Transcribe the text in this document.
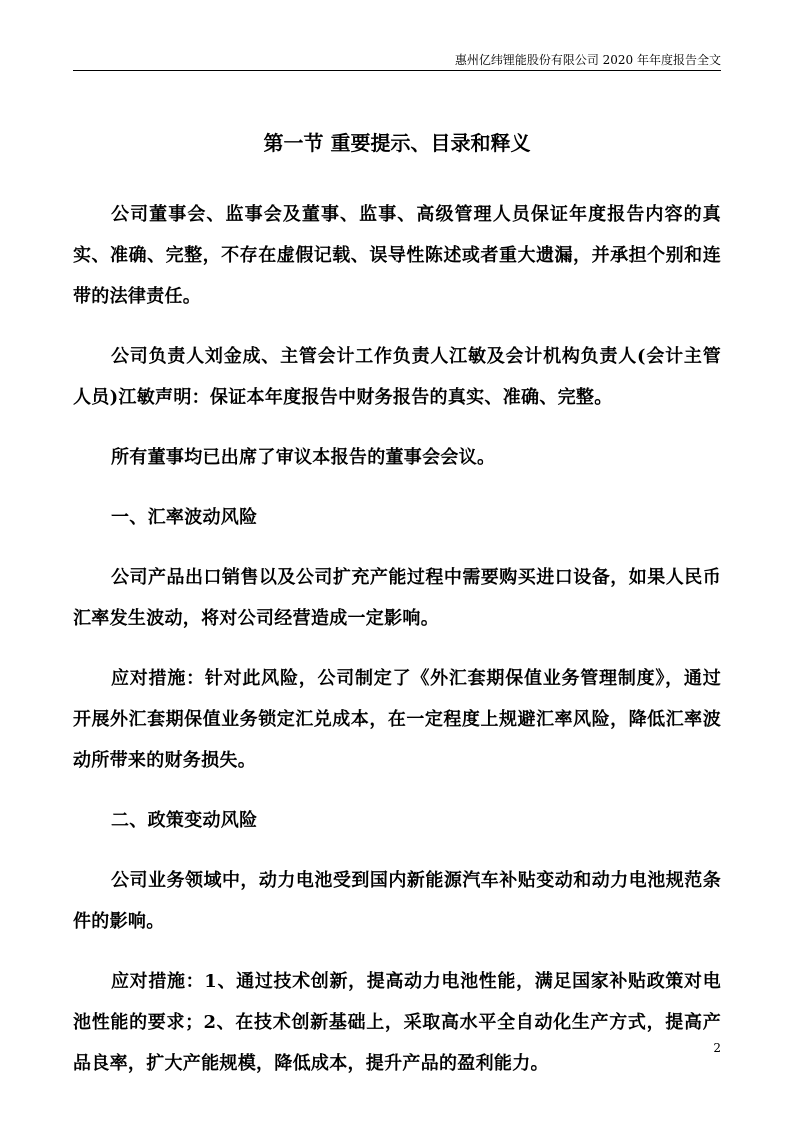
惠州亿纬锂能股份有限公司 2020 年年度报告全文
第一节 重要提示、目录和释义

公司董事会、监事会及董事、监事、高级管理人员保证年度报告内容的真实、准确、完整，不存在虚假记载、误导性陈述或者重大遗漏，并承担个别和连带的法律责任。

公司负责人刘金成、主管会计工作负责人江敏及会计机构负责人(会计主管人员)江敏声明：保证本年度报告中财务报告的真实、准确、完整。

所有董事均已出席了审议本报告的董事会会议。

一、汇率波动风险

公司产品出口销售以及公司扩充产能过程中需要购买进口设备，如果人民币汇率发生波动，将对公司经营造成一定影响。

应对措施：针对此风险，公司制定了《外汇套期保值业务管理制度》，通过开展外汇套期保值业务锁定汇兑成本，在一定程度上规避汇率风险，降低汇率波动所带来的财务损失。

二、政策变动风险

公司业务领域中，动力电池受到国内新能源汽车补贴变动和动力电池规范条件的影响。

应对措施：1、通过技术创新，提高动力电池性能，满足国家补贴政策对电池性能的要求；2、在技术创新基础上，采取高水平全自动化生产方式，提高产品良率，扩大产能规模，降低成本，提升产品的盈利能力。

2
